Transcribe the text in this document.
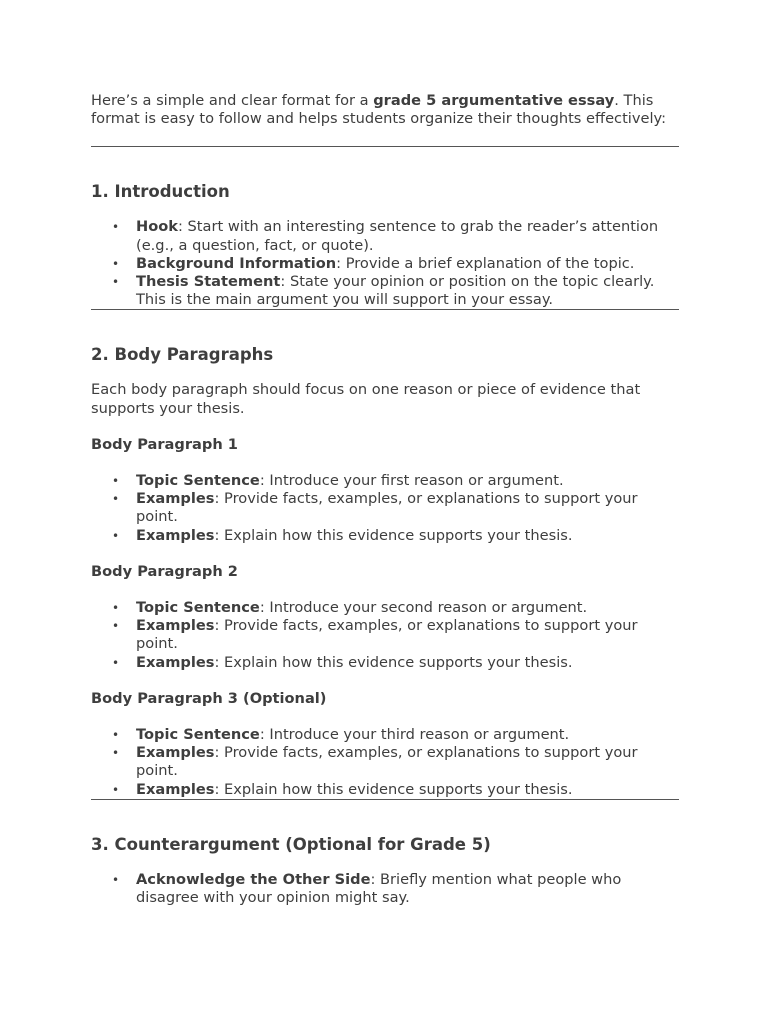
Here’s a simple and clear format for a grade 5 argumentative essay. This format is easy to follow and helps students organize their thoughts effectively:

1. Introduction
• Hook: Start with an interesting sentence to grab the reader’s attention (e.g., a question, fact, or quote).
• Background Information: Provide a brief explanation of the topic.
• Thesis Statement: State your opinion or position on the topic clearly. This is the main argument you will support in your essay.
2. Body Paragraphs

Each body paragraph should focus on one reason or piece of evidence that supports your thesis.

Body Paragraph 1
• Topic Sentence: Introduce your first reason or argument.
• Examples: Provide facts, examples, or explanations to support your point.
• Examples: Explain how this evidence supports your thesis.
Body Paragraph 2
• Topic Sentence: Introduce your second reason or argument.
• Examples: Provide facts, examples, or explanations to support your point.
• Examples: Explain how this evidence supports your thesis.
Body Paragraph 3 (Optional)
• Topic Sentence: Introduce your third reason or argument.
• Examples: Provide facts, examples, or explanations to support your point.
• Examples: Explain how this evidence supports your thesis.
3. Counterargument (Optional for Grade 5)
• Acknowledge the Other Side: Briefly mention what people who disagree with your opinion might say.
